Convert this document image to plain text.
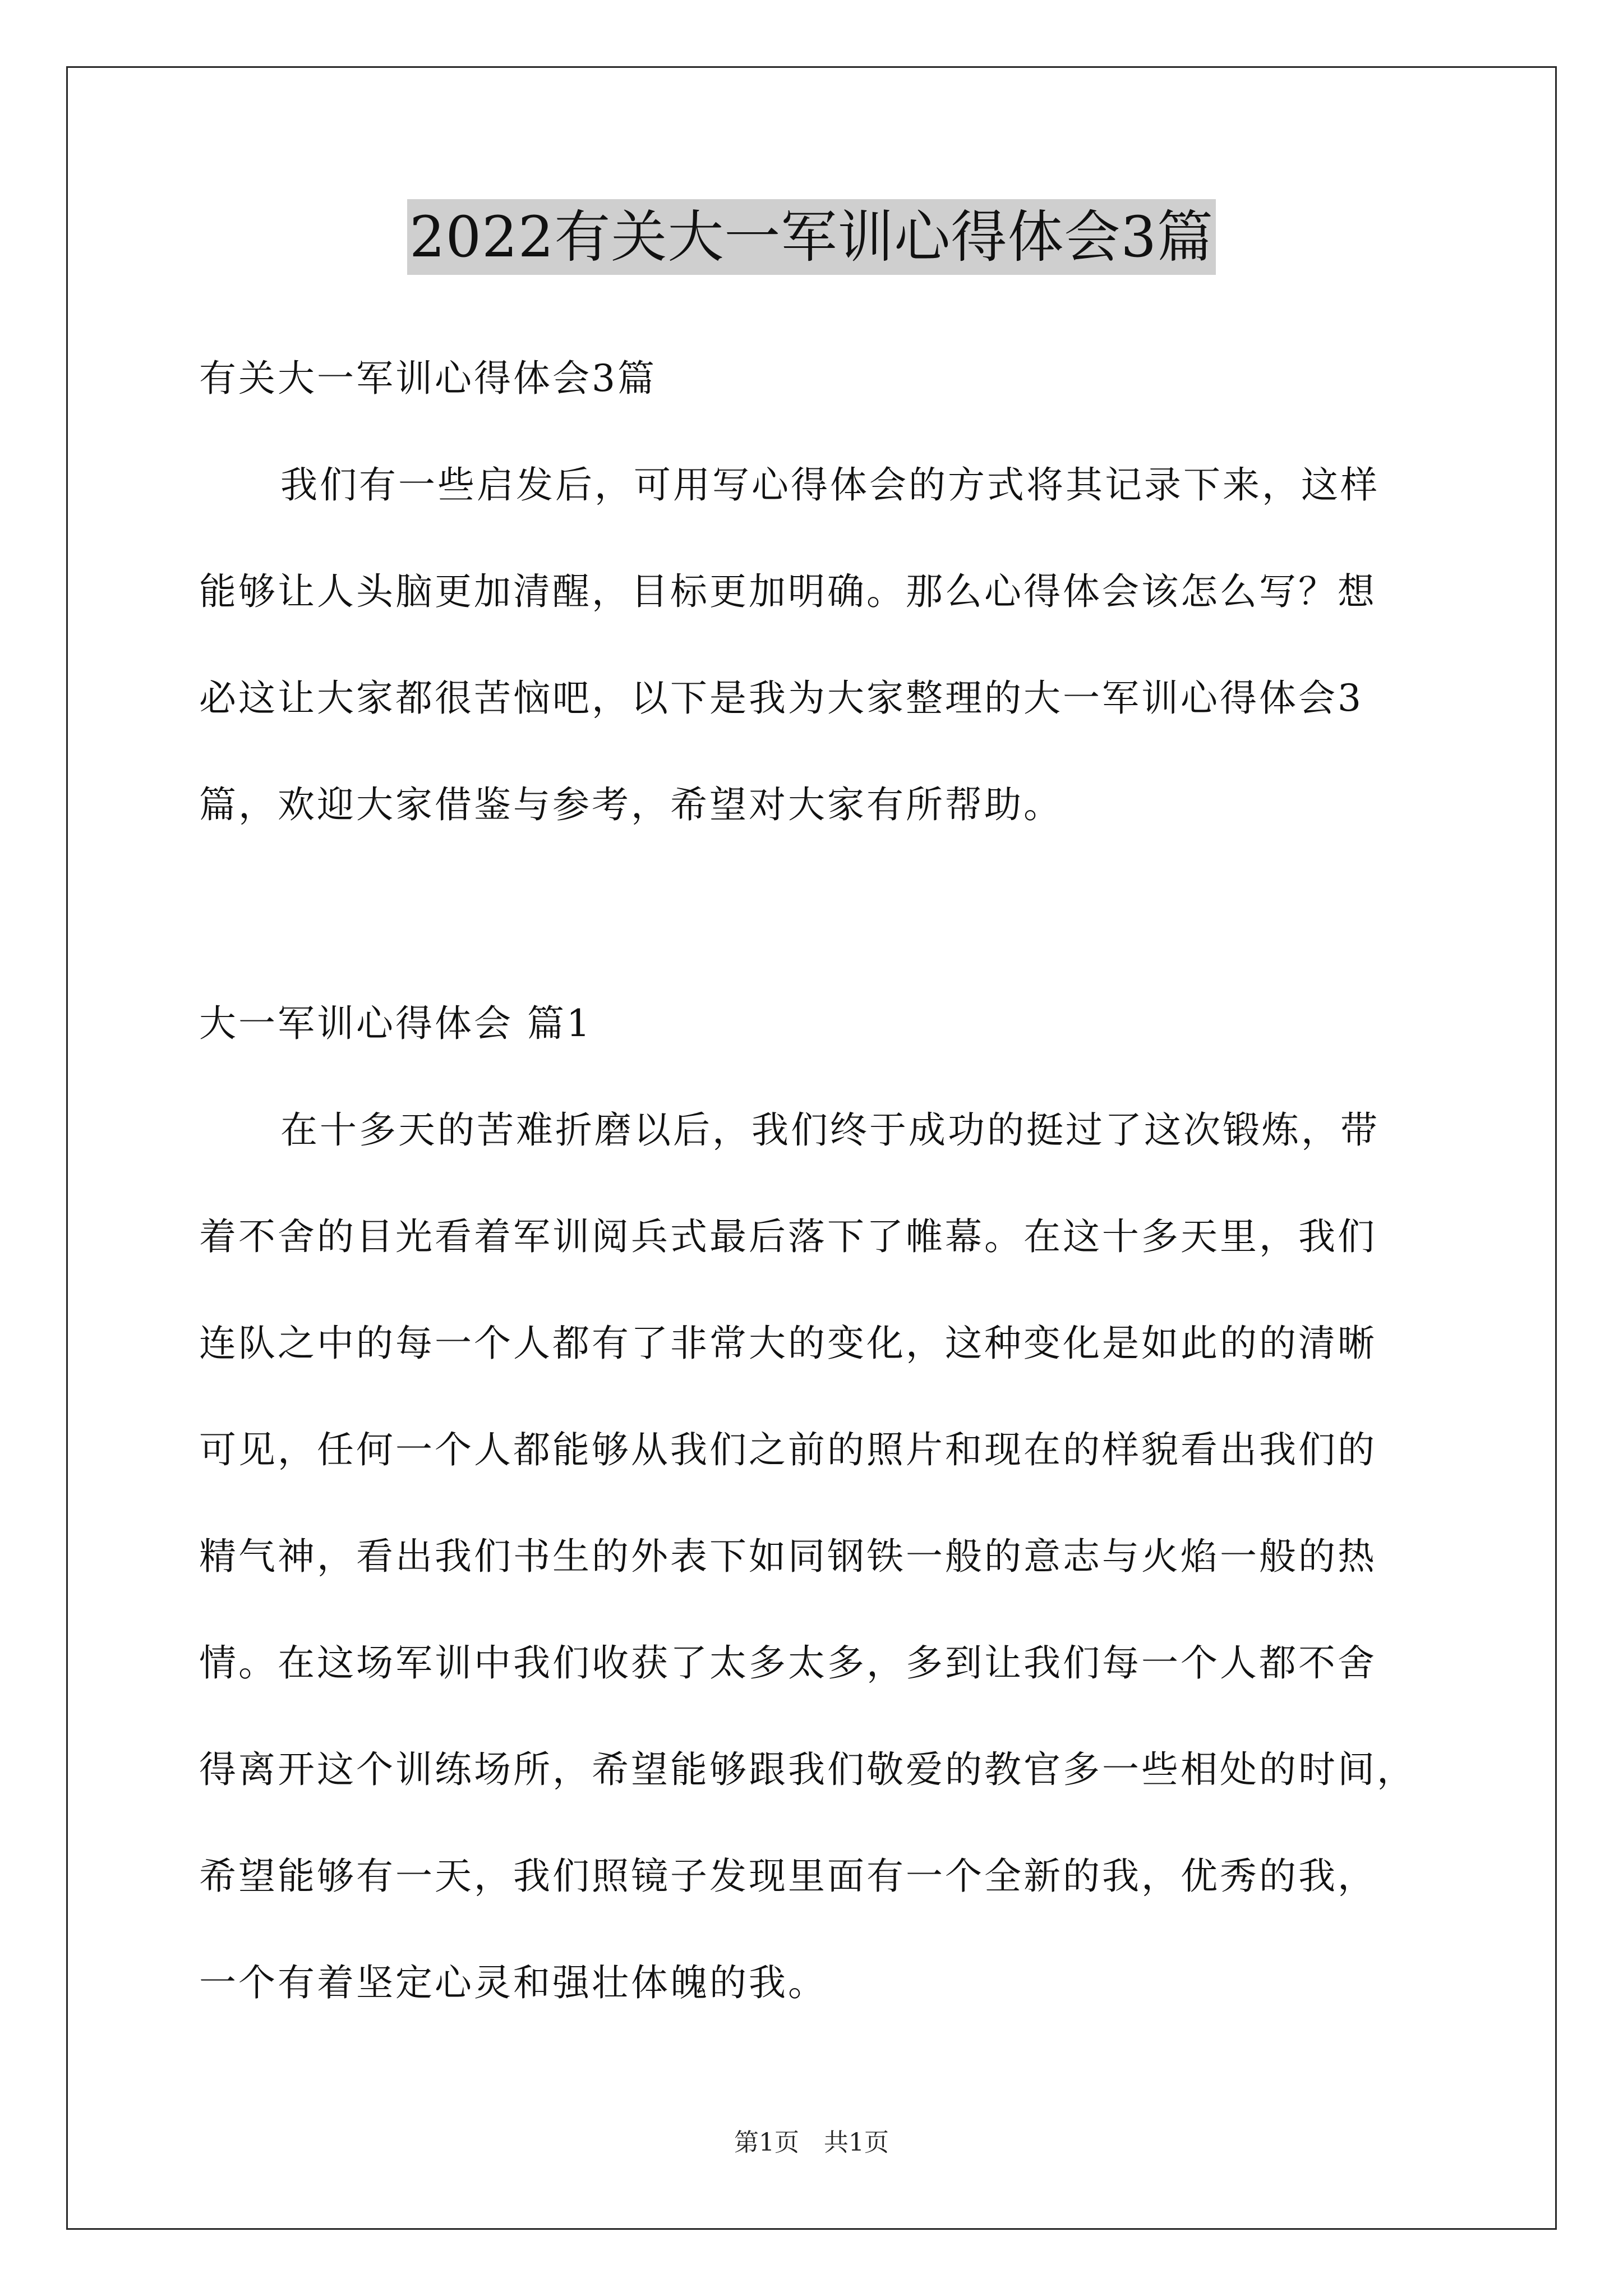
2022有关大一军训心得体会3篇
有关大一军训心得体会3篇
我们有一些启发后，可用写心得体会的方式将其记录下来，这样
能够让人头脑更加清醒，目标更加明确。那么心得体会该怎么写？想
必这让大家都很苦恼吧，以下是我为大家整理的大一军训心得体会3
篇，欢迎大家借鉴与参考，希望对大家有所帮助。
大一军训心得体会 篇1
在十多天的苦难折磨以后，我们终于成功的挺过了这次锻炼，带
着不舍的目光看着军训阅兵式最后落下了帷幕。在这十多天里，我们
连队之中的每一个人都有了非常大的变化，这种变化是如此的的清晰
可见，任何一个人都能够从我们之前的照片和现在的样貌看出我们的
精气神，看出我们书生的外表下如同钢铁一般的意志与火焰一般的热
情。在这场军训中我们收获了太多太多，多到让我们每一个人都不舍
得离开这个训练场所，希望能够跟我们敬爱的教官多一些相处的时间，
希望能够有一天，我们照镜子发现里面有一个全新的我，优秀的我，
一个有着坚定心灵和强壮体魄的我。
第1页　共1页
